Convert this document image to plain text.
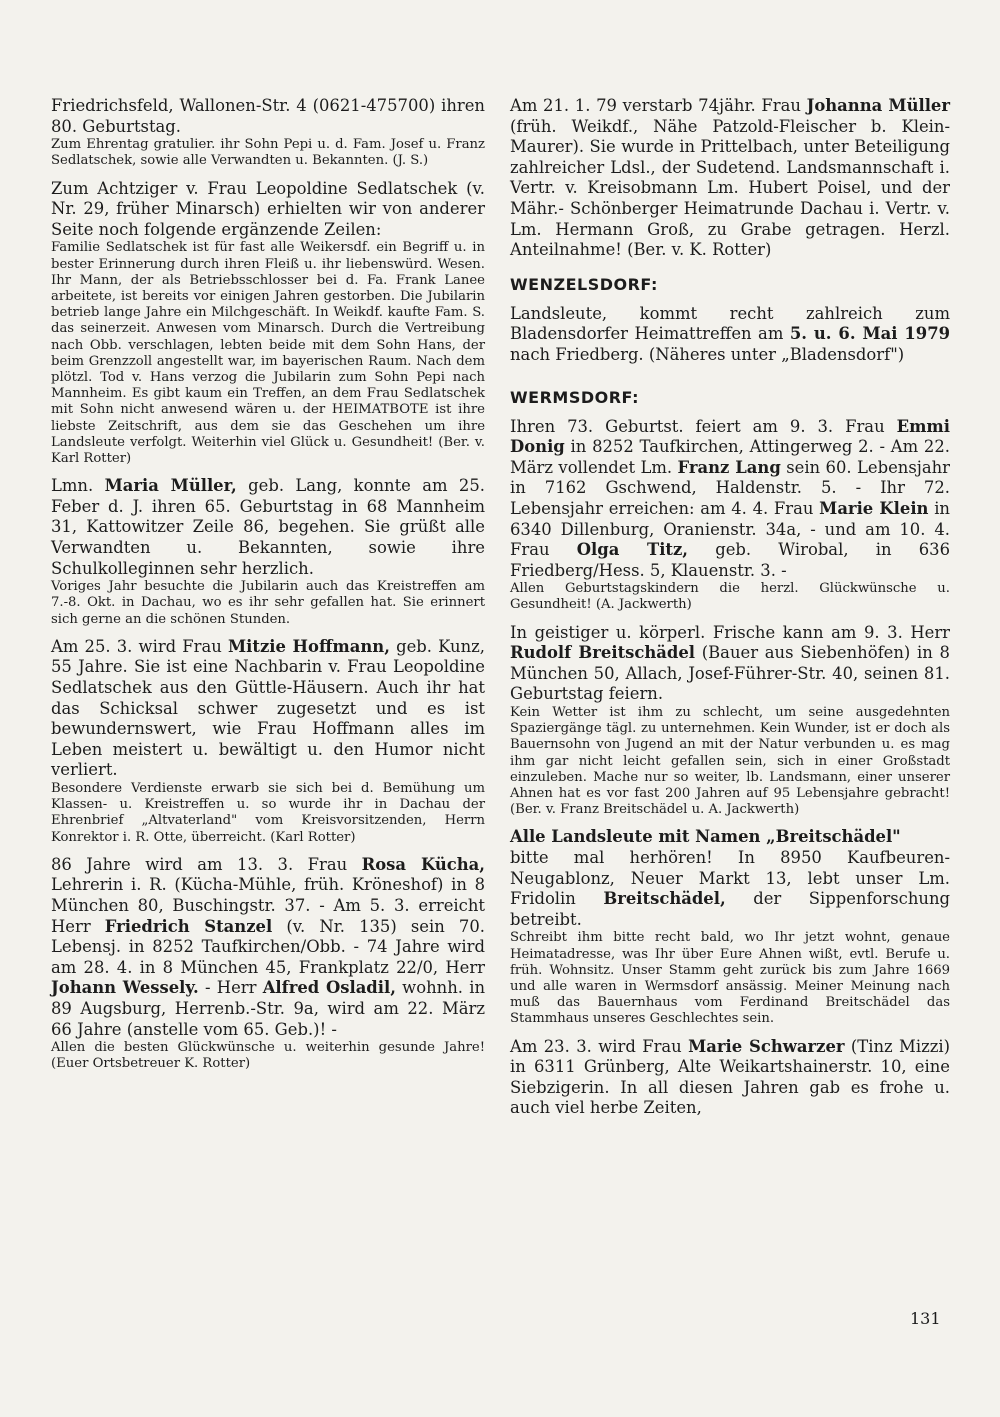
Friedrichsfeld, Wallonen-Str. 4 (0621-475700) ihren 80. Geburtstag.

Zum Ehrentag gratulier. ihr Sohn Pepi u. d. Fam. Josef u. Franz Sedlatschek, sowie alle Verwandten u. Bekannten. (J. S.)

Zum Achtziger v. Frau Leopoldine Sedlatschek (v. Nr. 29, früher Minarsch) erhielten wir von anderer Seite noch folgende ergänzende Zeilen:

Familie Sedlatschek ist für fast alle Weikersdf. ein Begriff u. in bester Erinnerung durch ihren Fleiß u. ihr liebenswürd. Wesen. Ihr Mann, der als Betriebsschlosser bei d. Fa. Frank Lanee arbeitete, ist bereits vor einigen Jahren gestorben. Die Jubilarin betrieb lange Jahre ein Milchgeschäft. In Weikdf. kaufte Fam. S. das seinerzeit. Anwesen vom Minarsch. Durch die Vertreibung nach Obb. verschlagen, lebten beide mit dem Sohn Hans, der beim Grenzzoll angestellt war, im bayerischen Raum. Nach dem plötzl. Tod v. Hans verzog die Jubilarin zum Sohn Pepi nach Mannheim. Es gibt kaum ein Treffen, an dem Frau Sedlatschek mit Sohn nicht anwesend wären u. der HEIMATBOTE ist ihre liebste Zeitschrift, aus dem sie das Geschehen um ihre Landsleute verfolgt. Weiterhin viel Glück u. Gesundheit! (Ber. v. Karl Rotter)

Lmn. Maria Müller, geb. Lang, konnte am 25. Feber d. J. ihren 65. Geburtstag in 68 Mannheim 31, Kattowitzer Zeile 86, begehen. Sie grüßt alle Verwandten u. Bekannten, sowie ihre Schulkolleginnen sehr herzlich.

Voriges Jahr besuchte die Jubilarin auch das Kreistreffen am 7.-8. Okt. in Dachau, wo es ihr sehr gefallen hat. Sie erinnert sich gerne an die schönen Stunden.

Am 25. 3. wird Frau Mitzie Hoffmann, geb. Kunz, 55 Jahre. Sie ist eine Nachbarin v. Frau Leopoldine Sedlatschek aus den Güttle-Häusern. Auch ihr hat das Schicksal schwer zugesetzt und es ist bewundernswert, wie Frau Hoffmann alles im Leben meistert u. bewältigt u. den Humor nicht verliert.

Besondere Verdienste erwarb sie sich bei d. Bemühung um Klassen- u. Kreistreffen u. so wurde ihr in Dachau der Ehrenbrief „Altvaterland" vom Kreisvorsitzenden, Herrn Konrektor i. R. Otte, überreicht. (Karl Rotter)

86 Jahre wird am 13. 3. Frau Rosa Kücha, Lehrerin i. R. (Kücha-Mühle, früh. Kröneshof) in 8 München 80, Buschingstr. 37. - Am 5. 3. erreicht Herr Friedrich Stanzel (v. Nr. 135) sein 70. Lebensj. in 8252 Taufkirchen/Obb. - 74 Jahre wird am 28. 4. in 8 München 45, Frankplatz 22/0, Herr Johann Wessely. - Herr Alfred Osladil, wohnh. in 89 Augsburg, Herrenb.-Str. 9a, wird am 22. März 66 Jahre (anstelle vom 65. Geb.)! -

Allen die besten Glückwünsche u. weiterhin gesunde Jahre! (Euer Ortsbetreuer K. Rotter)

Am 21. 1. 79 verstarb 74jähr. Frau Johanna Müller (früh. Weikdf., Nähe Patzold-Fleischer b. Klein-Maurer). Sie wurde in Prittelbach, unter Beteiligung zahlreicher Ldsl., der Sudetend. Landsmannschaft i. Vertr. v. Kreisobmann Lm. Hubert Poisel, und der Mähr.- Schönberger Heimatrunde Dachau i. Vertr. v. Lm. Hermann Groß, zu Grabe getragen. Herzl. Anteilnahme! (Ber. v. K. Rotter)

WENZELSDORF:

Landsleute, kommt recht zahlreich zum Bladensdorfer Heimattreffen am 5. u. 6. Mai 1979 nach Friedberg. (Näheres unter „Bladensdorf")

WERMSDORF:

Ihren 73. Geburtst. feiert am 9. 3. Frau Emmi Donig in 8252 Taufkirchen, Attingerweg 2. - Am 22. März vollendet Lm. Franz Lang sein 60. Lebensjahr in 7162 Gschwend, Haldenstr. 5. - Ihr 72. Lebensjahr erreichen: am 4. 4. Frau Marie Klein in 6340 Dillenburg, Oranienstr. 34a, - und am 10. 4. Frau Olga Titz, geb. Wirobal, in 636 Friedberg/Hess. 5, Klauenstr. 3. -

Allen Geburtstagskindern die herzl. Glückwünsche u. Gesundheit! (A. Jackwerth)

In geistiger u. körperl. Frische kann am 9. 3. Herr Rudolf Breitschädel (Bauer aus Siebenhöfen) in 8 München 50, Allach, Josef-Führer-Str. 40, seinen 81. Geburtstag feiern.

Kein Wetter ist ihm zu schlecht, um seine ausgedehnten Spaziergänge tägl. zu unternehmen. Kein Wunder, ist er doch als Bauernsohn von Jugend an mit der Natur verbunden u. es mag ihm gar nicht leicht gefallen sein, sich in einer Großstadt einzuleben. Mache nur so weiter, lb. Landsmann, einer unserer Ahnen hat es vor fast 200 Jahren auf 95 Lebensjahre gebracht! (Ber. v. Franz Breitschädel u. A. Jackwerth)

Alle Landsleute mit Namen „Breitschädel"

bitte mal herhören! In 8950 Kaufbeuren-Neugablonz, Neuer Markt 13, lebt unser Lm. Fridolin Breitschädel, der Sippenforschung betreibt.

Schreibt ihm bitte recht bald, wo Ihr jetzt wohnt, genaue Heimatadresse, was Ihr über Eure Ahnen wißt, evtl. Berufe u. früh. Wohnsitz. Unser Stamm geht zurück bis zum Jahre 1669 und alle waren in Wermsdorf ansässig. Meiner Meinung nach muß das Bauernhaus vom Ferdinand Breitschädel das Stammhaus unseres Geschlechtes sein.

Am 23. 3. wird Frau Marie Schwarzer (Tinz Mizzi) in 6311 Grünberg, Alte Weikartshainerstr. 10, eine Siebzigerin. In all diesen Jahren gab es frohe u. auch viel herbe Zeiten,

131
